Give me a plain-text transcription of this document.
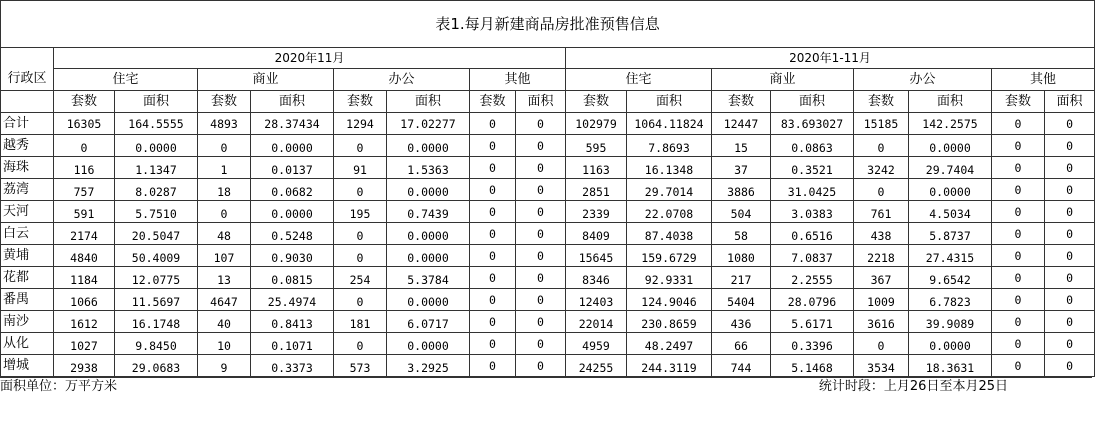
表1.每月新建商品房批准预售信息																
	2020年11月								2020年1-11月							
行政区	住宅		商业		办公		其他		住宅		商业		办公		其他	
	套数	面积	套数	面积	套数	面积	套数	面积	套数	面积	套数	面积	套数	面积	套数	面积
合计	16305	164.5555	4893	28.37434	1294	17.02277	0	0	102979	1064.11824	12447	83.693027	15185	142.2575	0	0
越秀	0	0.0000	0	0.0000	0	0.0000	0	0	595	7.8693	15	0.0863	0	0.0000	0	0
海珠	116	1.1347	1	0.0137	91	1.5363	0	0	1163	16.1348	37	0.3521	3242	29.7404	0	0
荔湾	757	8.0287	18	0.0682	0	0.0000	0	0	2851	29.7014	3886	31.0425	0	0.0000	0	0
天河	591	5.7510	0	0.0000	195	0.7439	0	0	2339	22.0708	504	3.0383	761	4.5034	0	0
白云	2174	20.5047	48	0.5248	0	0.0000	0	0	8409	87.4038	58	0.6516	438	5.8737	0	0
黄埔	4840	50.4009	107	0.9030	0	0.0000	0	0	15645	159.6729	1080	7.0837	2218	27.4315	0	0
花都	1184	12.0775	13	0.0815	254	5.3784	0	0	8346	92.9331	217	2.2555	367	9.6542	0	0
番禺	1066	11.5697	4647	25.4974	0	0.0000	0	0	12403	124.9046	5404	28.0796	1009	6.7823	0	0
南沙	1612	16.1748	40	0.8413	181	6.0717	0	0	22014	230.8659	436	5.6171	3616	39.9089	0	0
从化	1027	9.8450	10	0.1071	0	0.0000	0	0	4959	48.2497	66	0.3396	0	0.0000	0	0
增城	2938	29.0683	9	0.3373	573	3.2925	0	0	24255	244.3119	744	5.1468	3534	18.3631	0	0
面积单位：万平方米	统计时段：上月26日至本月25日
